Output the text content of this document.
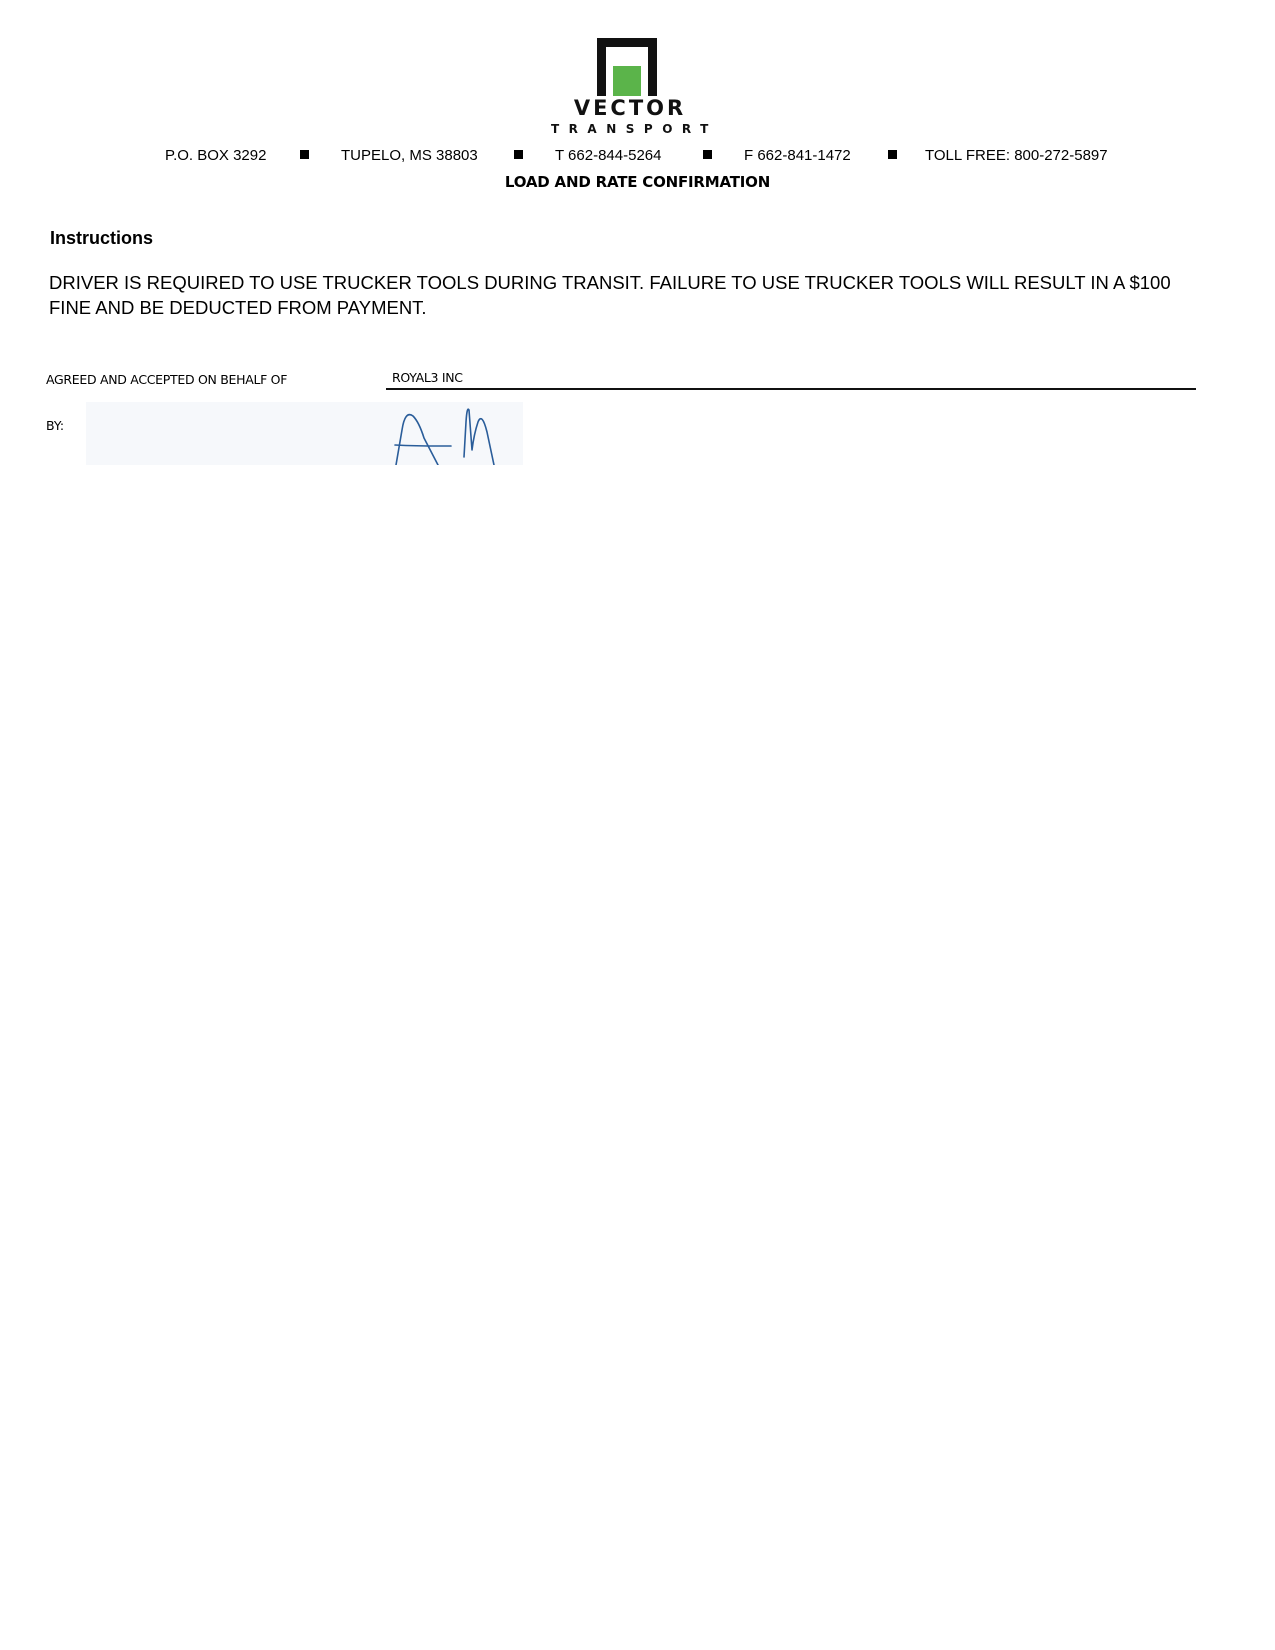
VECTOR
TRANSPORT
P.O. BOX 3292	TUPELO, MS 38803	T 662-844-5264	F 662-841-1472	TOLL FREE: 800-272-5897
LOAD AND RATE CONFIRMATION
Instructions
DRIVER IS REQUIRED TO USE TRUCKER TOOLS DURING TRANSIT. FAILURE TO USE TRUCKER TOOLS WILL RESULT IN A $100 FINE AND BE DEDUCTED FROM PAYMENT.
AGREED AND ACCEPTED ON BEHALF OF	ROYAL3 INC
BY:
